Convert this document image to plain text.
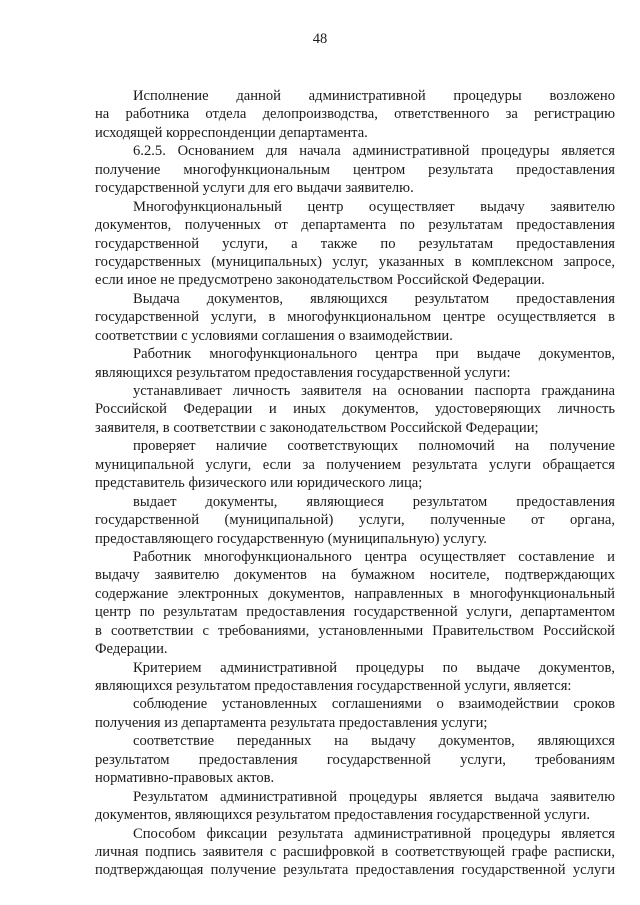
48
Исполнение данной административной процедуры возложено
на работника отдела делопроизводства, ответственного за регистрацию
исходящей корреспонденции департамента.
6.2.5. Основанием для начала административной процедуры является
получение многофункциональным центром результата предоставления
государственной услуги для его выдачи заявителю.
Многофункциональный центр осуществляет выдачу заявителю
документов, полученных от департамента по результатам предоставления
государственной услуги, а также по результатам предоставления
государственных (муниципальных) услуг, указанных в комплексном запросе,
если иное не предусмотрено законодательством Российской Федерации.
Выдача документов, являющихся результатом предоставления
государственной услуги, в многофункциональном центре осуществляется в
соответствии с условиями соглашения о взаимодействии.
Работник многофункционального центра при выдаче документов,
являющихся результатом предоставления государственной услуги:
устанавливает личность заявителя на основании паспорта гражданина
Российской Федерации и иных документов, удостоверяющих личность
заявителя, в соответствии с законодательством Российской Федерации;
проверяет наличие соответствующих полномочий на получение
муниципальной услуги, если за получением результата услуги обращается
представитель физического или юридического лица;
выдает документы, являющиеся результатом предоставления
государственной (муниципальной) услуги, полученные от органа,
предоставляющего государственную (муниципальную) услугу.
Работник многофункционального центра осуществляет составление и
выдачу заявителю документов на бумажном носителе, подтверждающих
содержание электронных документов, направленных в многофункциональный
центр по результатам предоставления государственной услуги, департаментом
в соответствии с требованиями, установленными Правительством Российской
Федерации.
Критерием административной процедуры по выдаче документов,
являющихся результатом предоставления государственной услуги, является:
соблюдение установленных соглашениями о взаимодействии сроков
получения из департамента результата предоставления услуги;
соответствие переданных на выдачу документов, являющихся
результатом предоставления государственной услуги, требованиям
нормативно-правовых актов.
Результатом административной процедуры является выдача заявителю
документов, являющихся результатом предоставления государственной услуги.
Способом фиксации результата административной процедуры является
личная подпись заявителя с расшифровкой в соответствующей графе расписки,
подтверждающая получение результата предоставления государственной услуги
